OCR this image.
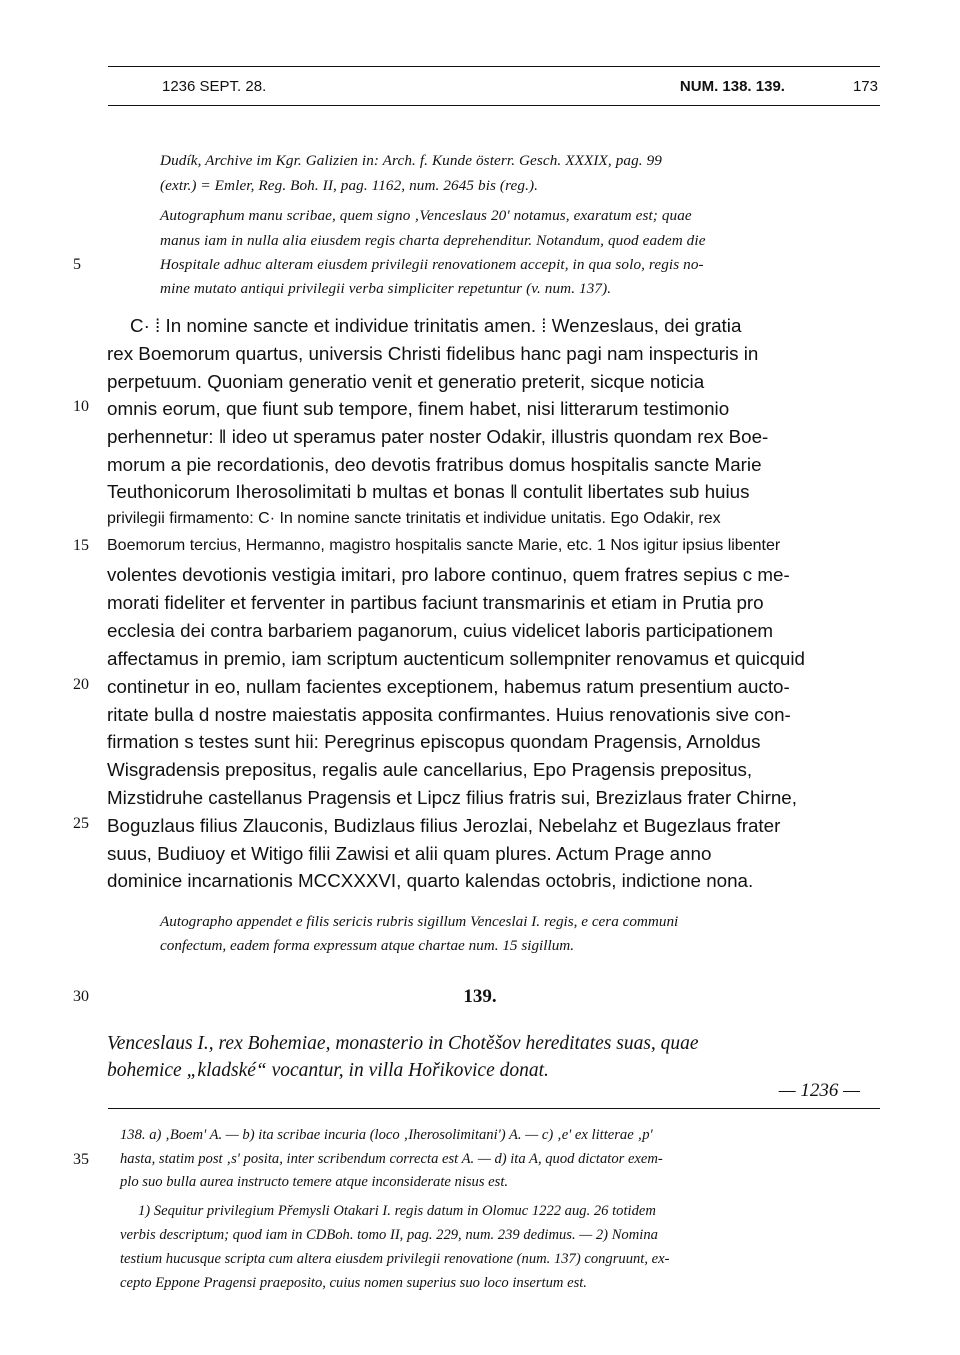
1236 SEPT. 28.	NUM. 138. 139.	173
Dudík, Archive im Kgr. Galizien in: Arch. f. Kunde österr. Gesch. XXXIX, pag. 99
(extr.) = Emler, Reg. Boh. II, pag. 1162, num. 2645 bis (reg.).
Autographum manu scribae, quem signo ‚Venceslaus 20' notamus, exaratum est; quae
manus iam in nulla alia eiusdem regis charta deprehenditur. Notandum, quod eadem die
5	Hospitale adhuc alteram eiusdem privilegii renovationem accepit, in qua solo, regis no-
mine mutato antiqui privilegii verba simpliciter repetuntur (v. num. 137).
C· ⁞ In nomine sancte et individue trinitatis amen. ⁞ Wenzeslaus, dei gratia
rex Boemorum quartus, universis Christi fidelibus hanc pagi nam inspecturis in
perpetuum. Quoniam generatio venit et generatio preterit, sicque noticia
10 omnis eorum, que fiunt sub tempore, finem habet, nisi litterarum testimonio
perhennetur: ‖ ideo ut speramus pater noster Odakir, illustris quondam rex Boe-
morum a pie recordationis, deo devotis fratribus domus hospitalis sancte Marie
Teuthonicorum Iherosolimitati b multas et bonas ‖ contulit libertates sub huius
privilegii firmamento: C· In nomine sancte trinitatis et individue unitatis. Ego Odakir, rex
15 Boemorum tercius, Hermanno, magistro hospitalis sancte Marie, etc. 1 Nos igitur ipsius libenter
volentes devotionis vestigia imitari, pro labore continuo, quem fratres sepius c me-
morati fideliter et ferventer in partibus faciunt transmarinis et etiam in Prutia pro
ecclesia dei contra barbariem paganorum, cuius videlicet laboris participationem
affectamus in premio, iam scriptum auctenticum sollempniter renovamus et quicquid
20 continetur in eo, nullam facientes exceptionem, habemus ratum presentium aucto-
ritate bulla d nostre maiestatis apposita confirmantes. Huius renovationis sive con-
firmation s testes sunt hii: Peregrinus episcopus quondam Pragensis, Arnoldus
Wisgradensis prepositus, regalis aule cancellarius, Epo Pragensis prepositus,
Mizstidruhe castellanus Pragensis et Lipcz filius fratris sui, Brezizlaus frater Chirne,
25 Boguzlaus filius Zlauconis, Budizlaus filius Jerozlai, Nebelahz et Bugezlaus frater
suus, Budiuoy et Witigo filii Zawisi et alii quam plures. Actum Prage anno
dominice incarnationis MCCXXXVI, quarto kalendas octobris, indictione nona.
Autographo appendet e filis sericis rubris sigillum Venceslai I. regis, e cera communi
confectum, eadem forma expressum atque chartae num. 15 sigillum.
30	139.
Venceslaus I., rex Bohemiae, monasterio in Chotěšov hereditates suas, quae
bohemice „kladské“ vocantur, in villa Hořikovice donat.
— 1236 —
138. a) ‚Boem' A. — b) ita scribae incuria (loco ‚Iherosolimitani') A. — c) ‚e' ex litterae ‚p'
35 hasta, statim post ‚s' posita, inter scribendum correcta est A. — d) ita A, quod dictator exem-
plo suo bulla aurea instructo temere atque inconsiderate nisus est.
1) Sequitur privilegium Přemysli Otakari I. regis datum in Olomuc 1222 aug. 26 totidem
verbis descriptum; quod iam in CDBoh. tomo II, pag. 229, num. 239 dedimus. — 2) Nomina
testium hucusque scripta cum altera eiusdem privilegii renovatione (num. 137) congruunt, ex-
cepto Eppone Pragensi praeposito, cuius nomen superius suo loco insertum est.
